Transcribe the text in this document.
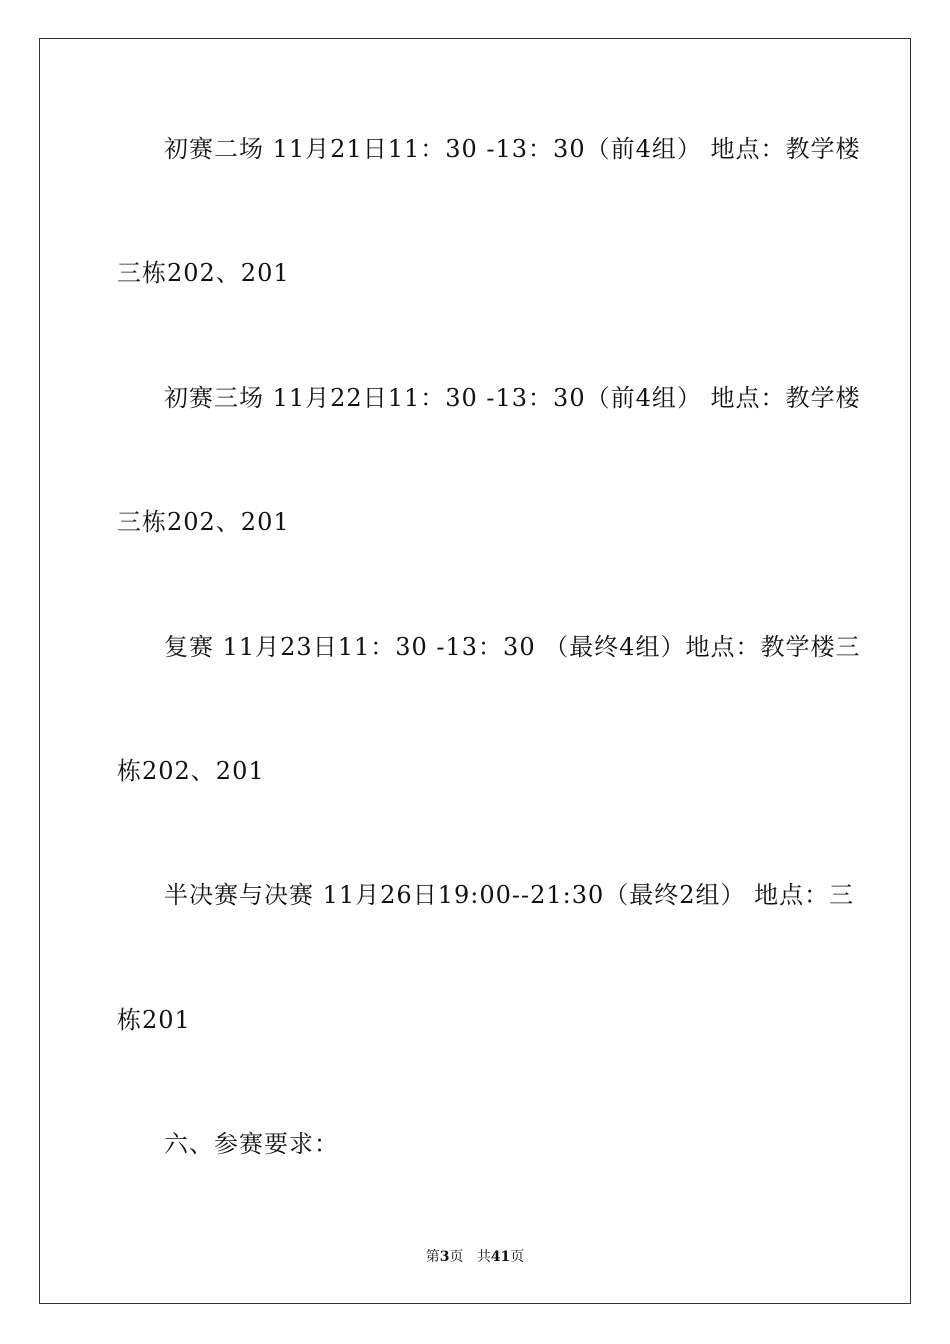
初赛二场 11月21日11：30 -13：30（前4组） 地点：教学楼
三栋202、201
初赛三场 11月22日11：30 -13：30（前4组） 地点：教学楼
三栋202、201
复赛 11月23日11：30 -13：30 （最终4组）地点：教学楼三
栋202、201
半决赛与决赛 11月26日19:00--21:30（最终2组） 地点：三
栋201
六、参赛要求：
第3页 共41页
